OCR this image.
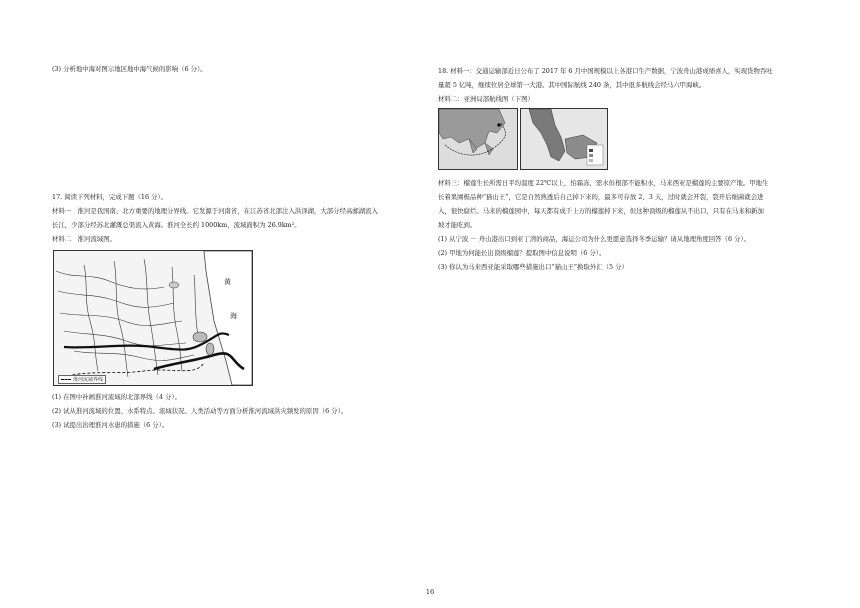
(3) 分析地中海对图示地区地中海气候的影响（6 分）。

17. 阅读下列材料，完成下题（16 分）。

材料一　淮河是我国南、北方重要的地理分界线。它发源于河南省，在江苏省北部注入洪泽湖，大部分经高邮湖流入

长江，少部分经苏北灌溉总渠流入黄海。淮河全长约 1000km，流域面积为 26.9km²。

材料二　淮河流域图。

黄
海
淮河流域界线

(1) 在图中补画淮河流域的北部界线（4 分）。

(2) 试从淮河流域的位置、水系特点、流域状况、人类活动等方面分析淮河流域洪灾频发的原因（6 分）。

(3) 试提出治理淮河水患的措施（6 分）。

18. 材料一：交通运输部近日公布了 2017 年 6 月中国规模以上各港口生产数据，宁波舟山港成绩喜人，实现货物吞吐

量超 5 亿吨，继续位居全球第一大港。其中国际航线 240 条，其中很多航线会经马六甲海峡。

材料二：亚洲局部航线图（下图）

材料三：榴莲生长所需日平均温度 22℃以上，怕霜冻，需水但根部不能积水，马来西亚是榴莲的主要原产地。甲地生

长着果園极品种“猫山王”，它是自然熟透后自己掉下来的，最多可存放 2、3 天，过时就会开裂，裂开后细菌就会进

入，很快腐烂。马来的榴莲园中，每天都有成千上万的榴莲掉下来，但这种顶级的榴莲从不出口，只有在马来和新加

坡才能吃到。

(1) 从宁波 － 舟山港出口到亚丁湾的商品，海运公司为什么更愿意选择冬季运输？请从地理角度回答（6 分）。

(2) 甲地为何能长出顶级榴莲？提取图中信息说明（6 分）。

(3) 你认为马来西亚能采取哪些措施出口“猫山王”换取外汇（5 分）

16
